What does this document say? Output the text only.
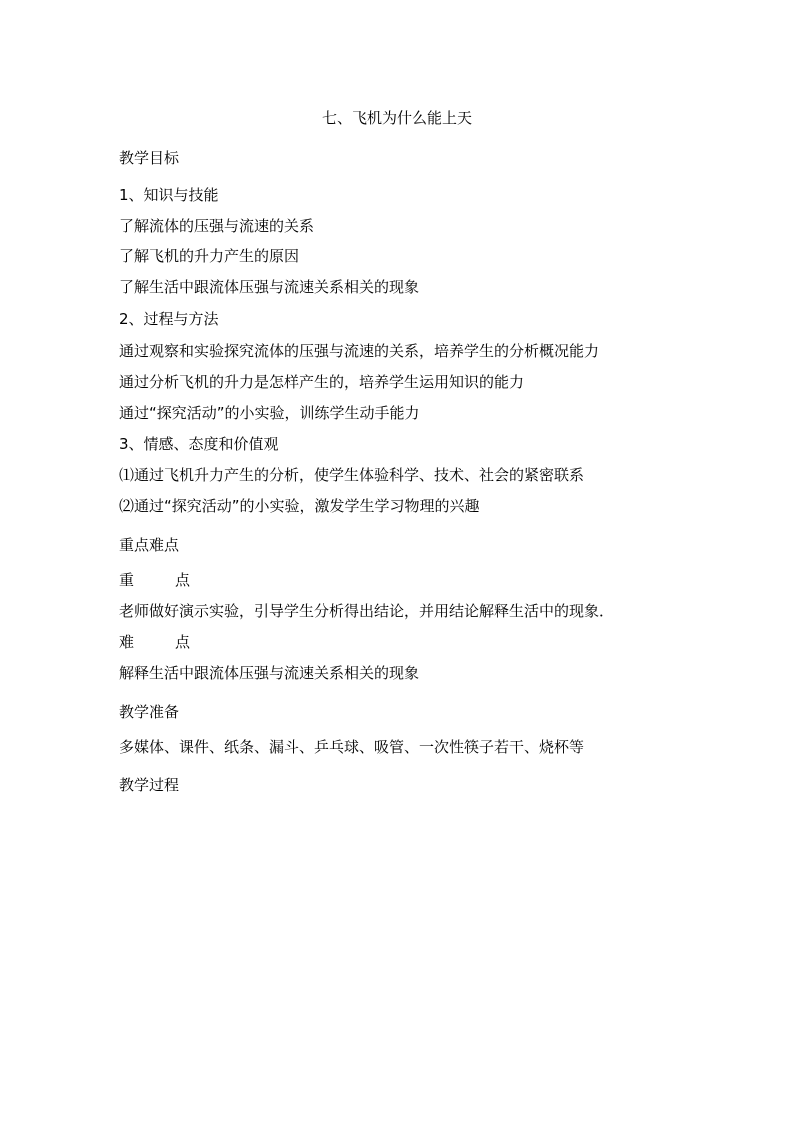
七、飞机为什么能上天
教学目标
1、知识与技能
了解流体的压强与流速的关系
了解飞机的升力产生的原因
了解生活中跟流体压强与流速关系相关的现象
2、过程与方法
通过观察和实验探究流体的压强与流速的关系，培养学生的分析概况能力
通过分析飞机的升力是怎样产生的，培养学生运用知识的能力
通过“探究活动”的小实验，训练学生动手能力
3、情感、态度和价值观
⑴通过飞机升力产生的分析，使学生体验科学、技术、社会的紧密联系
⑵通过“探究活动”的小实验，激发学生学习物理的兴趣
重点难点
重	点
老师做好演示实验，引导学生分析得出结论，并用结论解释生活中的现象．
难	点
解释生活中跟流体压强与流速关系相关的现象
教学准备
多媒体、课件、纸条、漏斗、乒乓球、吸管、一次性筷子若干、烧杯等
教学过程
